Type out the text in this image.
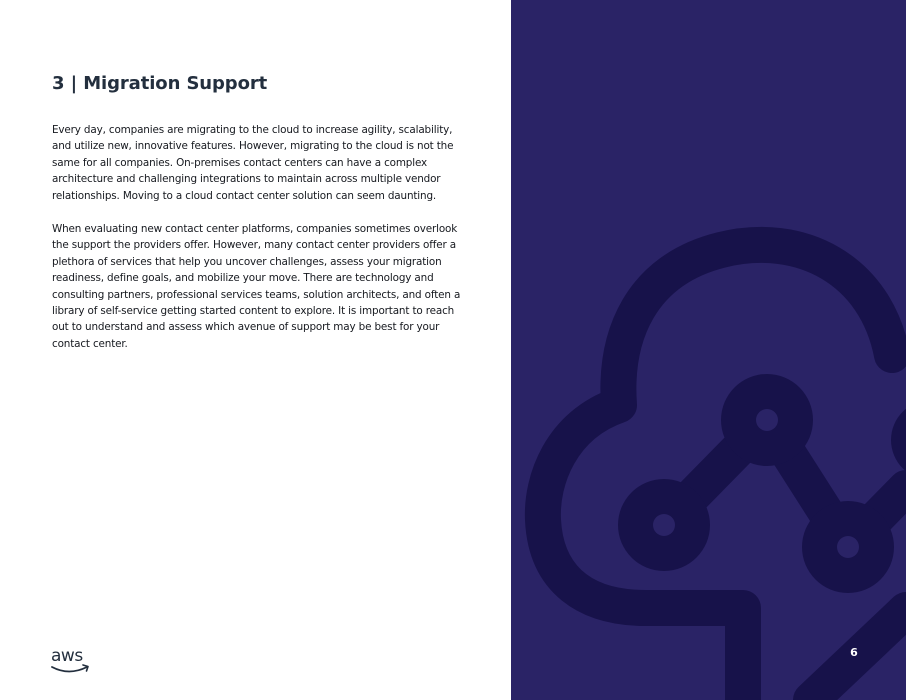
3 | Migration Support

Every day, companies are migrating to the cloud to increase agility, scalability, and utilize new, innovative features. However, migrating to the cloud is not the same for all companies. On-premises contact centers can have a complex architecture and challenging integrations to maintain across multiple vendor relationships. Moving to a cloud contact center solution can seem daunting.

When evaluating new contact center platforms, companies sometimes overlook the support the providers offer. However, many contact center providers offer a plethora of services that help you uncover challenges, assess your migration readiness, define goals, and mobilize your move. There are technology and consulting partners, professional services teams, solution architects, and often a library of self-service getting started content to explore. It is important to reach out to understand and assess which avenue of support may be best for your contact center.

aws	6
